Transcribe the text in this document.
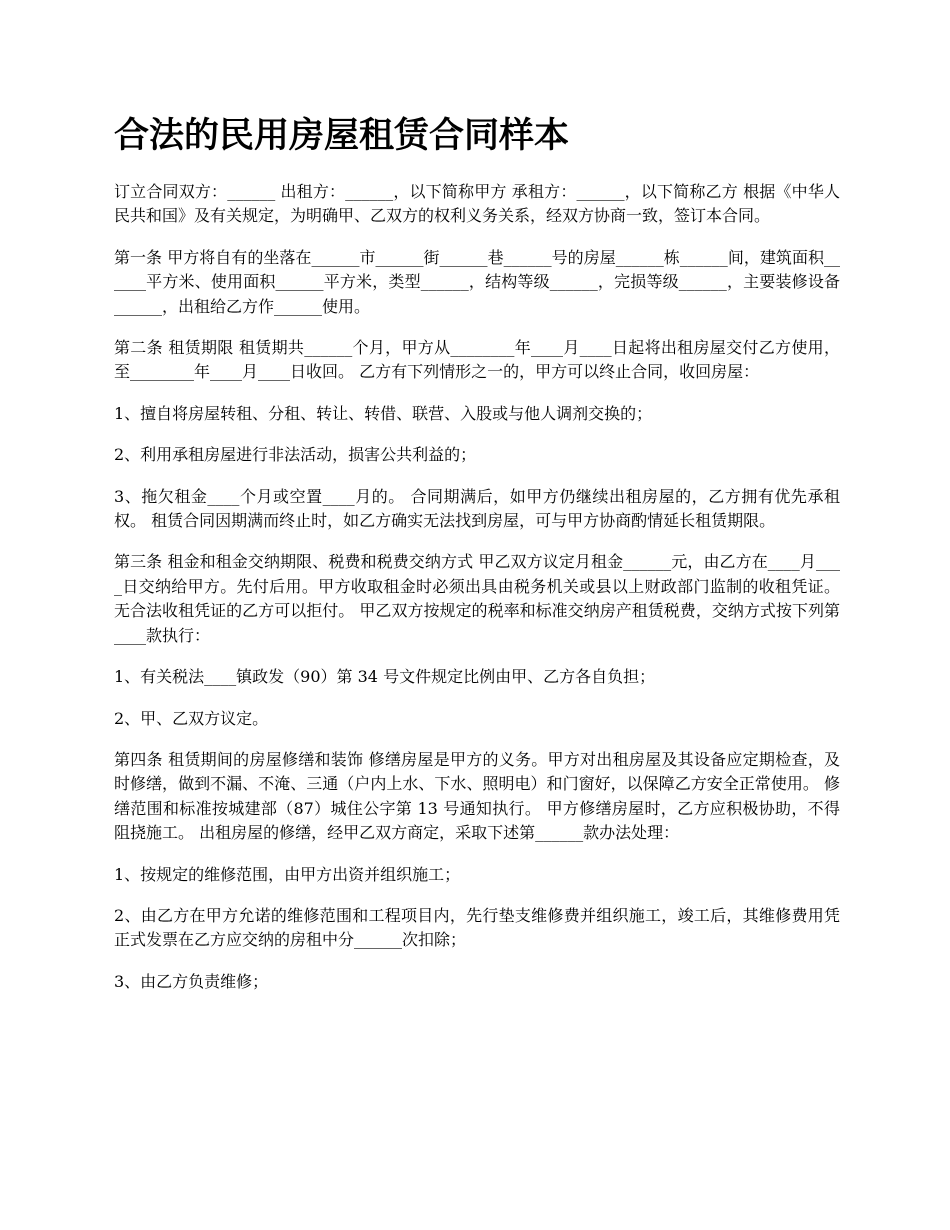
合法的民用房屋租赁合同样本

订立合同双方：______ 出租方：______，以下简称甲方 承租方：______，以下简称乙方 根据《中华人民共和国》及有关规定，为明确甲、乙双方的权利义务关系，经双方协商一致，签订本合同。

第一条 甲方将自有的坐落在______市______街______巷______号的房屋______栋______间，建筑面积______平方米、使用面积______平方米，类型______，结构等级______，完损等级______，主要装修设备______，出租给乙方作______使用。

第二条 租赁期限 租赁期共______个月，甲方从________年____月____日起将出租房屋交付乙方使用，至________年____月____日收回。 乙方有下列情形之一的，甲方可以终止合同，收回房屋：

1、擅自将房屋转租、分租、转让、转借、联营、入股或与他人调剂交换的；

2、利用承租房屋进行非法活动，损害公共利益的；

3、拖欠租金____个月或空置____月的。 合同期满后，如甲方仍继续出租房屋的，乙方拥有优先承租权。 租赁合同因期满而终止时，如乙方确实无法找到房屋，可与甲方协商酌情延长租赁期限。

第三条 租金和租金交纳期限、税费和税费交纳方式 甲乙双方议定月租金______元，由乙方在____月____日交纳给甲方。先付后用。甲方收取租金时必须出具由税务机关或县以上财政部门监制的收租凭证。无合法收租凭证的乙方可以拒付。 甲乙双方按规定的税率和标准交纳房产租赁税费，交纳方式按下列第____款执行：

1、有关税法____镇政发（90）第 34 号文件规定比例由甲、乙方各自负担；

2、甲、乙双方议定。

第四条 租赁期间的房屋修缮和装饰 修缮房屋是甲方的义务。甲方对出租房屋及其设备应定期检查，及时修缮，做到不漏、不淹、三通（户内上水、下水、照明电）和门窗好，以保障乙方安全正常使用。 修缮范围和标准按城建部（87）城住公字第 13 号通知执行。 甲方修缮房屋时，乙方应积极协助，不得阻挠施工。 出租房屋的修缮，经甲乙双方商定，采取下述第______款办法处理：

1、按规定的维修范围，由甲方出资并组织施工；

2、由乙方在甲方允诺的维修范围和工程项目内，先行垫支维修费并组织施工，竣工后，其维修费用凭正式发票在乙方应交纳的房租中分______次扣除；

3、由乙方负责维修；
